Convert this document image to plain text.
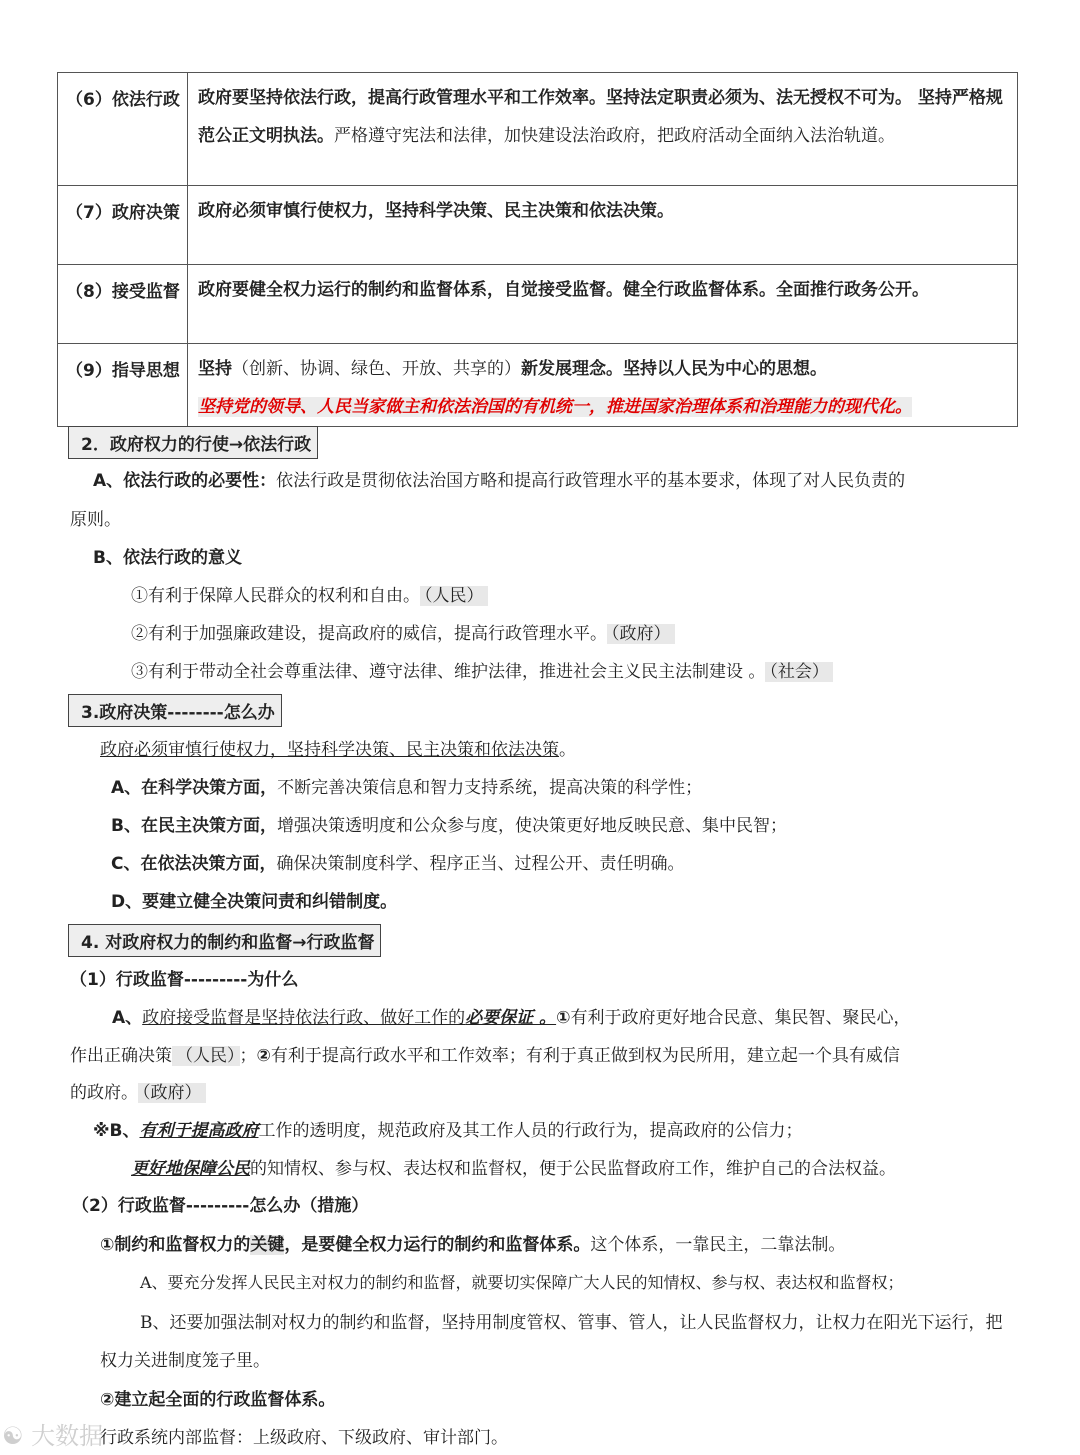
（6）依法行政	政府要坚持依法行政，提高行政管理水平和工作效率。坚持法定职责必须为、法无授权不可为。 坚持严格规范公正文明执法。严格遵守宪法和法律，加快建设法治政府，把政府活动全面纳入法治轨道。
（7）政府决策	政府必须审慎行使权力，坚持科学决策、民主决策和依法决策。
（8）接受监督	政府要健全权力运行的制约和监督体系，自觉接受监督。健全行政监督体系。全面推行政务公开。
（9）指导思想	坚持（创新、协调、绿色、开放、共享的）新发展理念。坚持以人民为中心的思想。
坚持党的领导、人民当家做主和依法治国的有机统一，推进国家治理体系和治理能力的现代化。
2．政府权力的行使→依法行政
A、依法行政的必要性：依法行政是贯彻依法治国方略和提高行政管理水平的基本要求，体现了对人民负责的
原则。
B、依法行政的意义
①有利于保障人民群众的权利和自由。 （人民）
②有利于加强廉政建设，提高政府的威信，提高行政管理水平。 （政府）
③有利于带动全社会尊重法律、遵守法律、维护法律，推进社会主义民主法制建设 。 （社会）
3.政府决策--------怎么办
政府必须审慎行使权力，坚持科学决策、民主决策和依法决策。
A、在科学决策方面，不断完善决策信息和智力支持系统，提高决策的科学性；
B、在民主决策方面，增强决策透明度和公众参与度，使决策更好地反映民意、集中民智；
C、在依法决策方面，确保决策制度科学、程序正当、过程公开、责任明确。
D、要建立健全决策问责和纠错制度。
4. 对政府权力的制约和监督→行政监督
（1）行政监督---------为什么
A、政府接受监督是坚持依法行政、做好工作的必要保证 。①有利于政府更好地合民意、集民智、聚民心，
作出正确决策 （人民） ；②有利于提高行政水平和工作效率；有利于真正做到权为民所用，建立起一个具有威信
的政府。 （政府）
※B、有利于提高政府工作的透明度，规范政府及其工作人员的行政行为，提高政府的公信力；
更好地保障公民的知情权、参与权、表达权和监督权，便于公民监督政府工作，维护自己的合法权益。
（2）行政监督---------怎么办（措施）
①制约和监督权力的关键，是要健全权力运行的制约和监督体系。这个体系，一靠民主，二靠法制。
A、要充分发挥人民民主对权力的制约和监督，就要切实保障广大人民的知情权、参与权、表达权和监督权；
B、还要加强法制对权力的制约和监督，坚持用制度管权、管事、管人，让人民监督权力，让权力在阳光下运行，把
权力关进制度笼子里。
②建立起全面的行政监督体系。
行政系统内部监督：上级政府、下级政府、审计部门。
☯ 大数据
